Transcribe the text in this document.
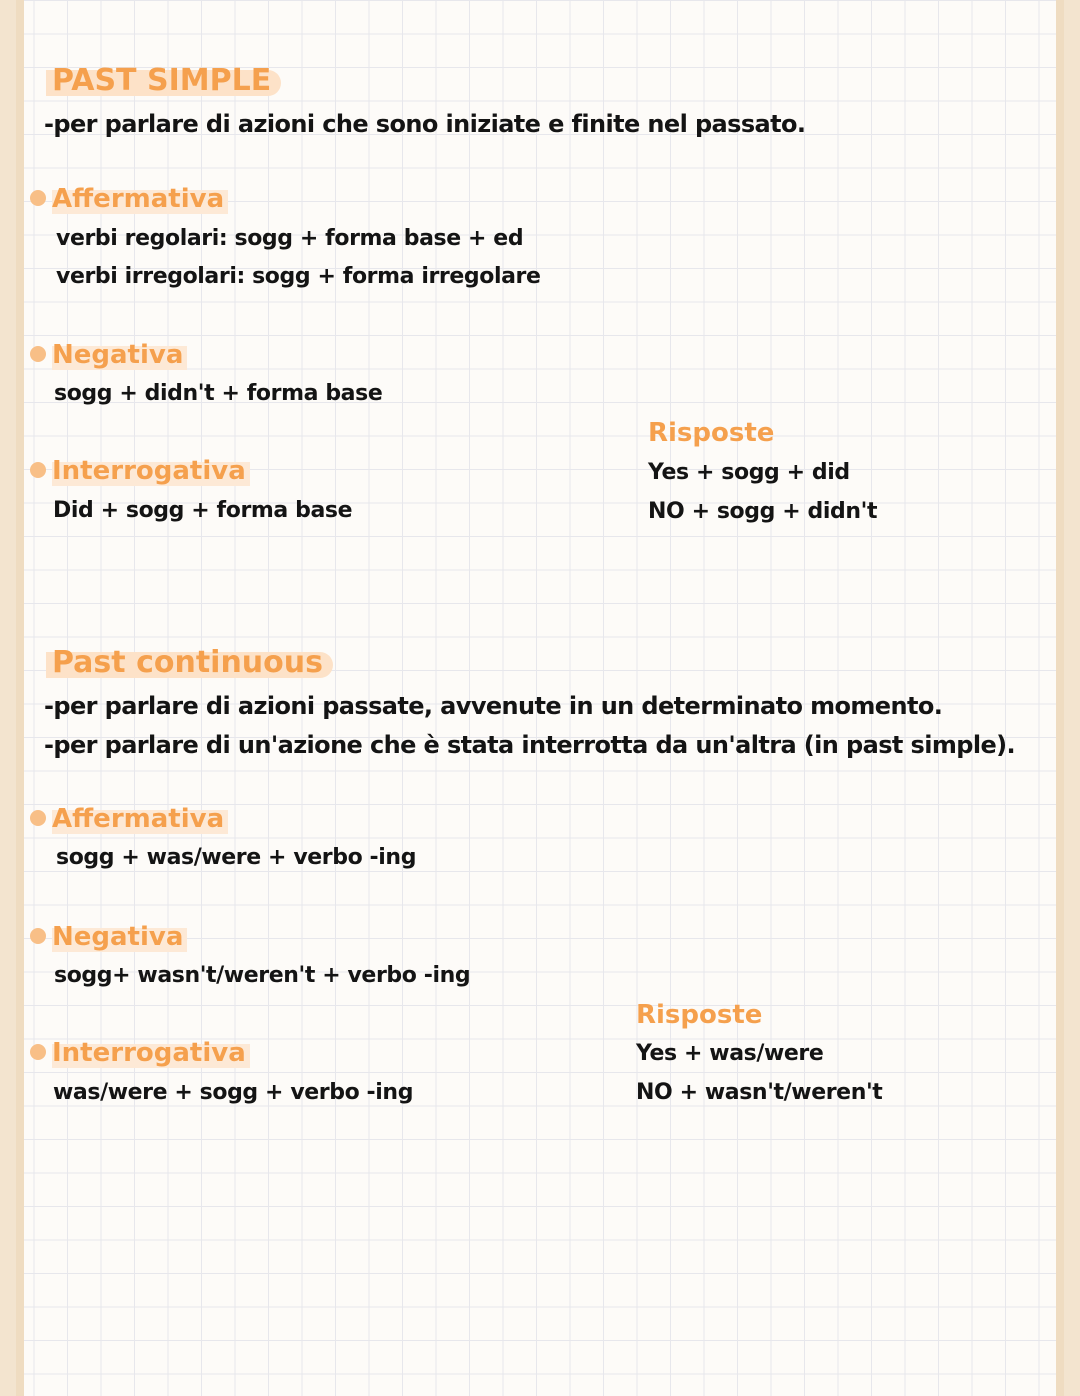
PAST SIMPLE
-per parlare di azioni che sono iniziate e finite nel passato.
Affermativa
verbi regolari: sogg + forma base + ed
verbi irregolari: sogg + forma irregolare
Negativa
sogg + didn't + forma base
Risposte
Yes + sogg + did
NO + sogg + didn't
Interrogativa
Did + sogg + forma base
Past continuous
-per parlare di azioni passate, avvenute in un determinato momento.
-per parlare di un'azione che è stata interrotta da un'altra (in past simple).
Affermativa
sogg + was/were + verbo -ing
Negativa
sogg+ wasn't/weren't + verbo -ing
Risposte
Yes + was/were
NO + wasn't/weren't
Interrogativa
was/were + sogg + verbo -ing
